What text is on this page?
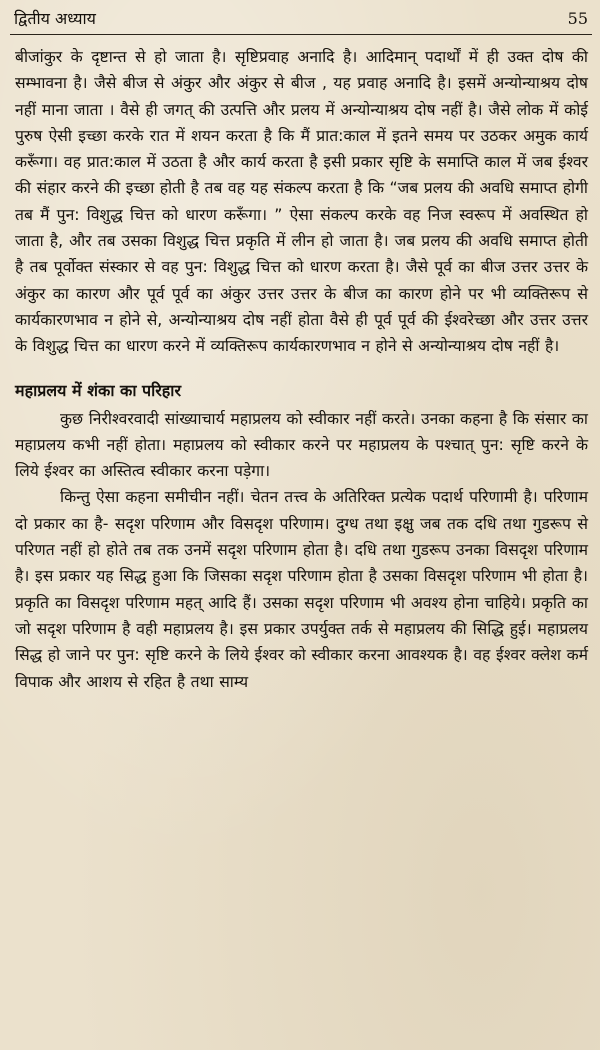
द्वितीय अध्याय	55

बीजांकुर के दृष्टान्त से हो जाता है। सृष्टिप्रवाह अनादि है। आदिमान् पदार्थों में ही उक्त दोष की सम्भावना है। जैसे बीज से अंकुर और अंकुर से बीज , यह प्रवाह अनादि है। इसमें अन्योन्याश्रय दोष नहीं माना जाता । वैसे ही जगत् की उत्पत्ति और प्रलय में अन्योन्याश्रय दोष नहीं है। जैसे लोक में कोई पुरुष ऐसी इच्छा करके रात में शयन करता है कि मैं प्रात:काल में इतने समय पर उठकर अमुक कार्य करूँगा। वह प्रात:काल में उठता है और कार्य करता है इसी प्रकार सृष्टि के समाप्ति काल में जब ईश्वर की संहार करने की इच्छा होती है तब वह यह संकल्प करता है कि “जब प्रलय की अवधि समाप्त होगी तब मैं पुन: विशुद्ध चित्त को धारण करूँगा। ” ऐसा संकल्प करके वह निज स्वरूप में अवस्थित हो जाता है, और तब उसका विशुद्ध चित्त प्रकृति में लीन हो जाता है। जब प्रलय की अवधि समाप्त होती है तब पूर्वोक्त संस्कार से वह पुन: विशुद्ध चित्त को धारण करता है। जैसे पूर्व का बीज उत्तर उत्तर के अंकुर का कारण और पूर्व पूर्व का अंकुर उत्तर उत्तर के बीज का कारण होने पर भी व्यक्तिरूप से कार्यकारणभाव न होने से, अन्योन्याश्रय दोष नहीं होता वैसे ही पूर्व पूर्व की ईश्वरेच्छा और उत्तर उत्तर के विशुद्ध चित्त का धारण करने में व्यक्तिरूप कार्यकारणभाव न होने से अन्योन्याश्रय दोष नहीं है।

महाप्रलय में शंका का परिहार

कुछ निरीश्वरवादी सांख्याचार्य महाप्रलय को स्वीकार नहीं करते। उनका कहना है कि संसार का महाप्रलय कभी नहीं होता। महाप्रलय को स्वीकार करने पर महाप्रलय के पश्चात् पुन: सृष्टि करने के लिये ईश्वर का अस्तित्व स्वीकार करना पड़ेगा।

किन्तु ऐसा कहना समीचीन नहीं। चेतन तत्त्व के अतिरिक्त प्रत्येक पदार्थ परिणामी है। परिणाम दो प्रकार का है- सदृश परिणाम और विसदृश परिणाम। दुग्ध तथा इक्षु जब तक दधि तथा गुडरूप से परिणत नहीं हो होते तब तक उनमें सदृश परिणाम होता है। दधि तथा गुडरूप उनका विसदृश परिणाम है। इस प्रकार यह सिद्ध हुआ कि जिसका सदृश परिणाम होता है उसका विसदृश परिणाम भी होता है। प्रकृति का विसदृश परिणाम महत् आदि हैं। उसका सदृश परिणाम भी अवश्य होना चाहिये। प्रकृति का जो सदृश परिणाम है वही महाप्रलय है। इस प्रकार उपर्युक्त तर्क से महाप्रलय की सिद्धि हुई। महाप्रलय सिद्ध हो जाने पर पुन: सृष्टि करने के लिये ईश्वर को स्वीकार करना आवश्यक है। वह ईश्वर क्लेश कर्म विपाक और आशय से रहित है तथा साम्य
